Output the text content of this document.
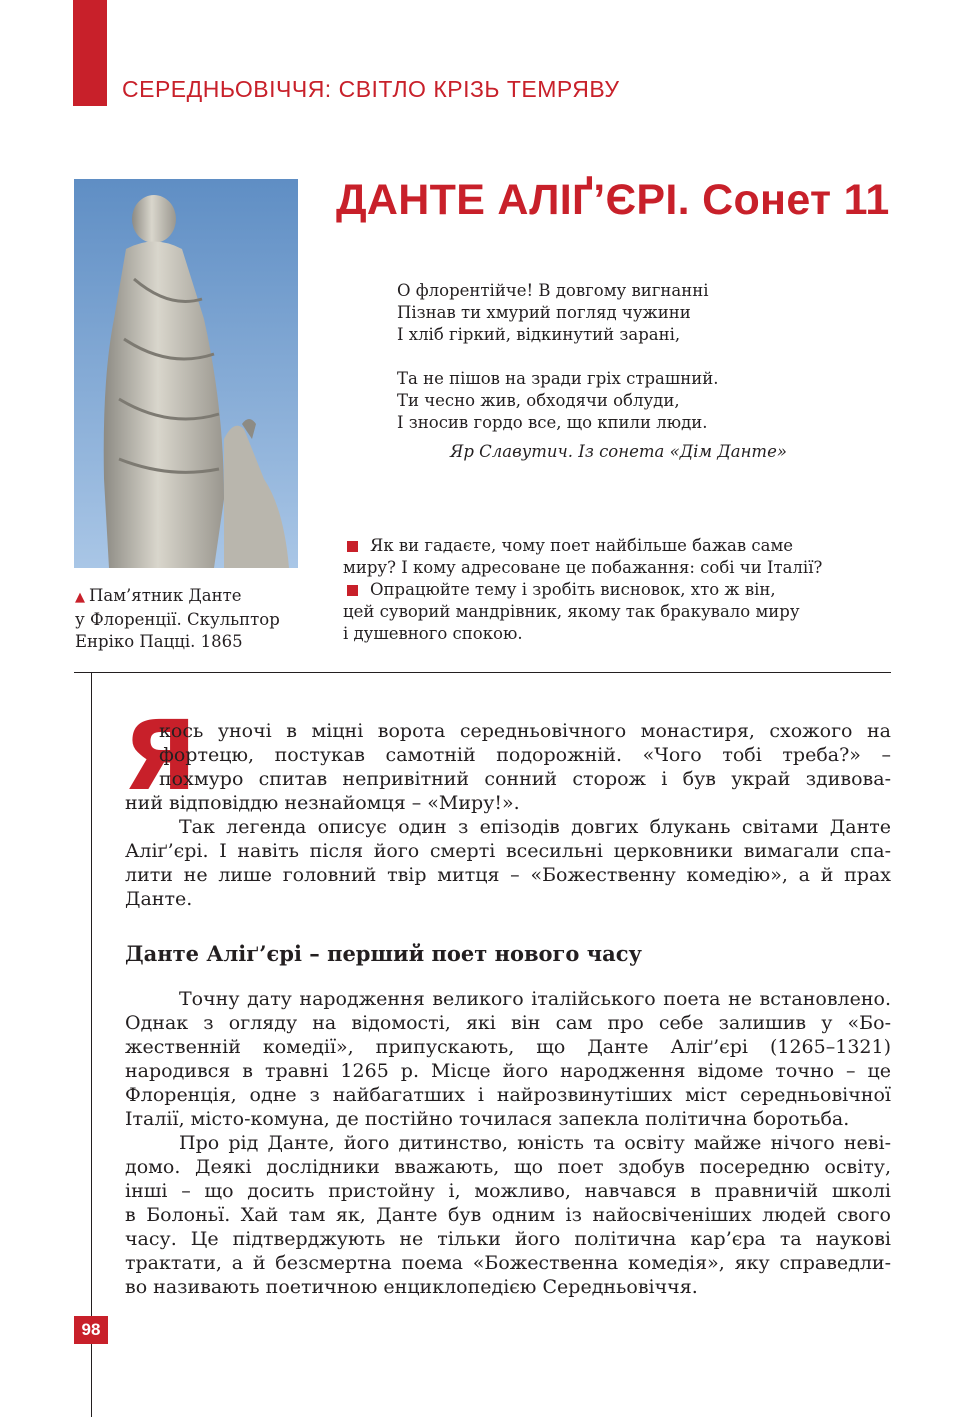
СЕРЕДНЬОВІЧЧЯ: СВІТЛО КРІЗЬ ТЕМРЯВУ
▲ Пам’ятник Данте
у Флоренції. Скульптор
Енріко Пацці. 1865
ДАНТЕ АЛІҐ’ЄРІ. Сонет 11
О флорентійче! В довгому вигнанні
Пізнав ти хмурий погляд чужини
І хліб гіркий, відкинутий зарані,
Та не пішов на зради гріх страшний.
Ти чесно жив, обходячи облуди,
І зносив гордо все, що кпили люди.
Яр Славутич. Із сонета «Дім Данте»
Як ви гадаєте, чому поет найбільше бажав саме
миру? І кому адресоване це побажання: собі чи Італії?
Опрацюйте тему і зробіть висновок, хто ж він,
цей суворий мандрівник, якому так бракувало миру
і душевного спокою.
Я
кось уночі в міцні ворота середньовічного монастиря, схожого на
фортецю, постукав самотній подорожній. «Чого тобі треба?» –
похмуро спитав непривітний сонний сторож і був украй здивова-
ний відповіддю незнайомця – «Миру!».
Так легенда описує один з епізодів довгих блукань світами Данте
Аліґ’єрі. І навіть після його смерті всесильні церковники вимагали спа-
лити не лише головний твір митця – «Божественну комедію», а й прах
Данте.
Данте Аліґ’єрі – перший поет нового часу
Точну дату народження великого італійського поета не встановлено.
Однак з огляду на відомості, які він сам про себе залишив у «Бо-
жественній комедії», припускають, що Данте Аліґ’єрі (1265–1321)
народився в травні 1265 р. Місце його народження відоме точно – це
Флоренція, одне з найбагатших і найрозвинутіших міст середньовічної
Італії, місто-комуна, де постійно точилася запекла політична боротьба.
Про рід Данте, його дитинство, юність та освіту майже нічого неві-
домо. Деякі дослідники вважають, що поет здобув посередню освіту,
інші – що досить пристойну і, можливо, навчався в правничій школі
в Болоньї. Хай там як, Данте був одним із найосвіченіших людей свого
часу. Це підтверджують не тільки його політична кар’єра та наукові
трактати, а й безсмертна поема «Божественна комедія», яку справедли-
во називають поетичною енциклопедією Середньовіччя.
98
